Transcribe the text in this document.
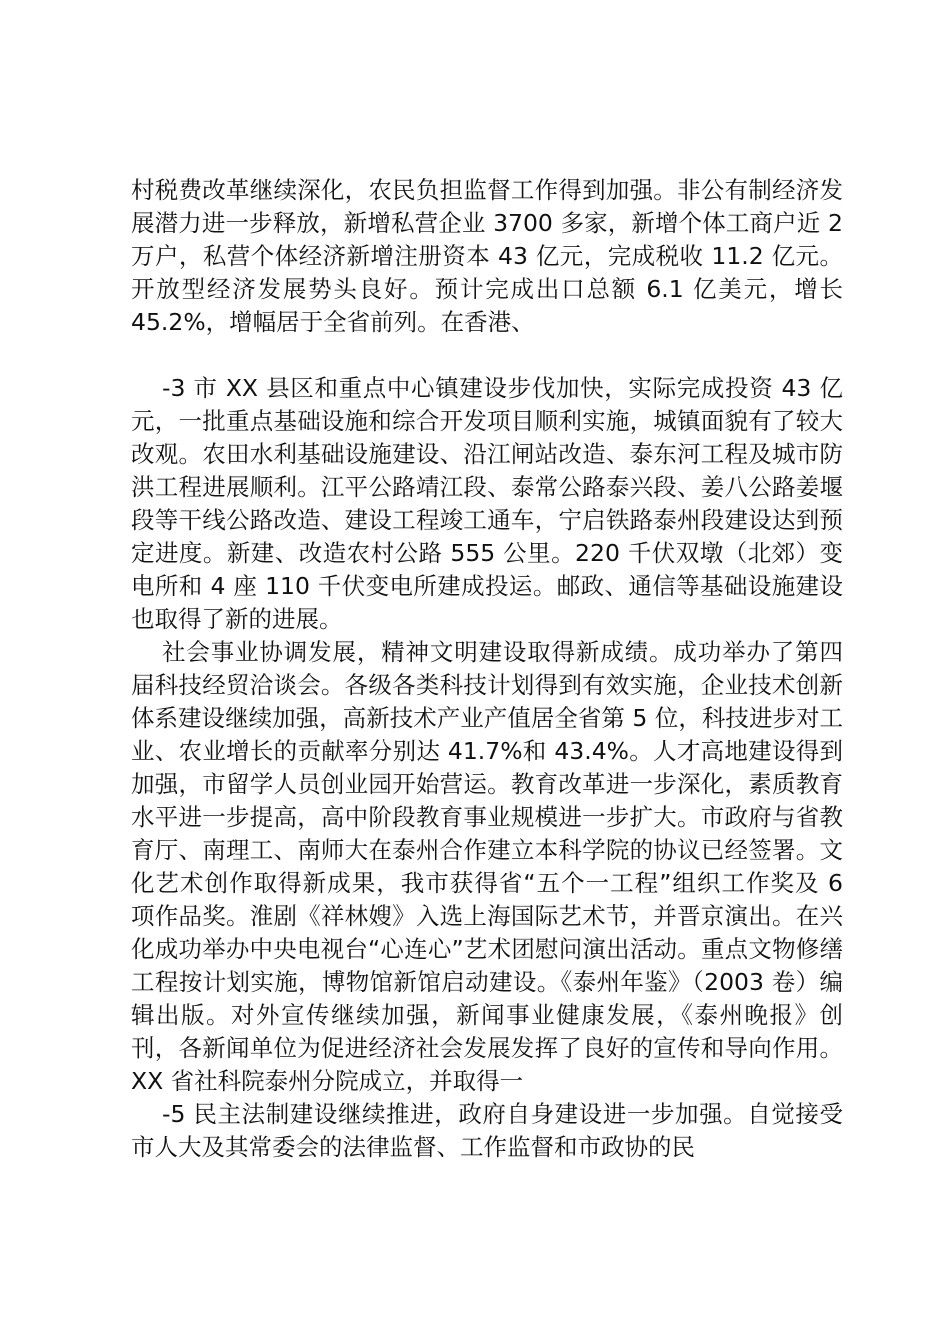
村税费改革继续深化，农民负担监督工作得到加强。非公有制经济发展潜力进一步释放，新增私营企业 3700 多家，新增个体工商户近 2 万户，私营个体经济新增注册资本 43 亿元，完成税收 11.2 亿元。开放型经济发展势头良好。预计完成出口总额 6.1 亿美元，增长 45.2%，增幅居于全省前列。在香港、

-3 市 XX 县区和重点中心镇建设步伐加快，实际完成投资 43 亿元，一批重点基础设施和综合开发项目顺利实施，城镇面貌有了较大改观。农田水利基础设施建设、沿江闸站改造、泰东河工程及城市防洪工程进展顺利。江平公路靖江段、泰常公路泰兴段、姜八公路姜堰段等干线公路改造、建设工程竣工通车，宁启铁路泰州段建设达到预定进度。新建、改造农村公路 555 公里。220 千伏双墩（北郊）变电所和 4 座 110 千伏变电所建成投运。邮政、通信等基础设施建设也取得了新的进展。

社会事业协调发展，精神文明建设取得新成绩。成功举办了第四届科技经贸洽谈会。各级各类科技计划得到有效实施，企业技术创新体系建设继续加强，高新技术产业产值居全省第 5 位，科技进步对工业、农业增长的贡献率分别达 41.7%和 43.4%。人才高地建设得到加强，市留学人员创业园开始营运。教育改革进一步深化，素质教育水平进一步提高，高中阶段教育事业规模进一步扩大。市政府与省教育厅、南理工、南师大在泰州合作建立本科学院的协议已经签署。文化艺术创作取得新成果，我市获得省“五个一工程”组织工作奖及 6 项作品奖。淮剧《祥林嫂》入选上海国际艺术节，并晋京演出。在兴化成功举办中央电视台“心连心”艺术团慰问演出活动。重点文物修缮工程按计划实施，博物馆新馆启动建设。《泰州年鉴》（2003 卷）编辑出版。对外宣传继续加强，新闻事业健康发展，《泰州晚报》创刊，各新闻单位为促进经济社会发展发挥了良好的宣传和导向作用。XX 省社科院泰州分院成立，并取得一

-5 民主法制建设继续推进，政府自身建设进一步加强。自觉接受市人大及其常委会的法律监督、工作监督和市政协的民
